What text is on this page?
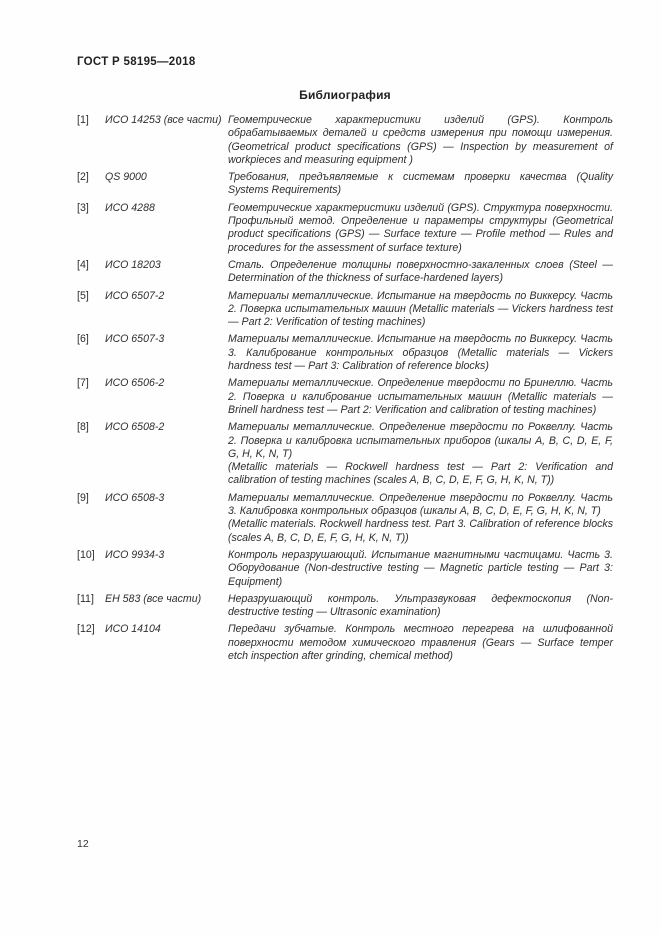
ГОСТ Р 58195—2018
Библиография
[1]	ИСО 14253 (все части) Геометрические характеристики изделий (GPS). Контроль обрабатываемых деталей и средств измерения при помощи измерения. (Geometrical product specifications (GPS) — Inspection by measurement of workpieces and measuring equipment )

[2]	QS 9000	Требования, предъявляемые к системам проверки качества (Quality Systems Requirements)

[3]	ИСО 4288	Геометрические характеристики изделий (GPS). Структура поверхности. Профильный метод. Определение и параметры структуры (Geometrical product specifications (GPS) — Surface texture — Profile method — Rules and procedures for the assessment of surface texture)

[4]	ИСО 18203	Сталь. Определение толщины поверхностно-закаленных слоев (Steel — Determination of the thickness of surface-hardened layers)

[5]	ИСО 6507-2	Материалы металлические. Испытание на твердость по Виккерсу. Часть 2. Поверка испытательных машин (Metallic materials — Vickers hardness test — Part 2: Verification of testing machines)

[6]	ИСО 6507-3	Материалы металлические. Испытание на твердость по Виккерсу. Часть 3. Калибрование контрольных образцов (Metallic materials — Vickers hardness test — Part 3: Calibration of reference blocks)

[7]	ИСО 6506-2	Материалы металлические. Определение твердости по Бринеллю. Часть 2. Поверка и калибрование испытательных машин (Metallic materials — Brinell hardness test — Part 2: Verification and calibration of testing machines)

[8]	ИСО 6508-2	Материалы металлические. Определение твердости по Роквеллу. Часть 2. Поверка и калибровка испытательных приборов (шкалы A, B, C, D, E, F, G, H, K, N, T)

(Metallic materials — Rockwell hardness test — Part 2: Verification and calibration of testing machines (scales A, B, C, D, E, F, G, H, K, N, T))

[9]	ИСО 6508-3	Материалы металлические. Определение твердости по Роквеллу. Часть 3. Калибровка контрольных образцов (шкалы A, B, C, D, E, F, G, H, K, N, T)

(Metallic materials. Rockwell hardness test. Part 3. Calibration of reference blocks (scales A, B, C, D, E, F, G, H, K, N, T))

[10] ИСО 9934-3	Контроль неразрушающий. Испытание магнитными частицами. Часть 3. Оборудование (Non-destructive testing — Magnetic particle testing — Part 3: Equipment)

[11]	ЕН 583 (все части)	Неразрушающий контроль. Ультразвуковая дефектоскопия (Non-destructive testing — Ultrasonic examination)

[12] ИСО 14104	Передачи зубчатые. Контроль местного перегрева на шлифованной поверхности методом химического травления (Gears — Surface temper etch inspection after grinding, chemical method)

12
